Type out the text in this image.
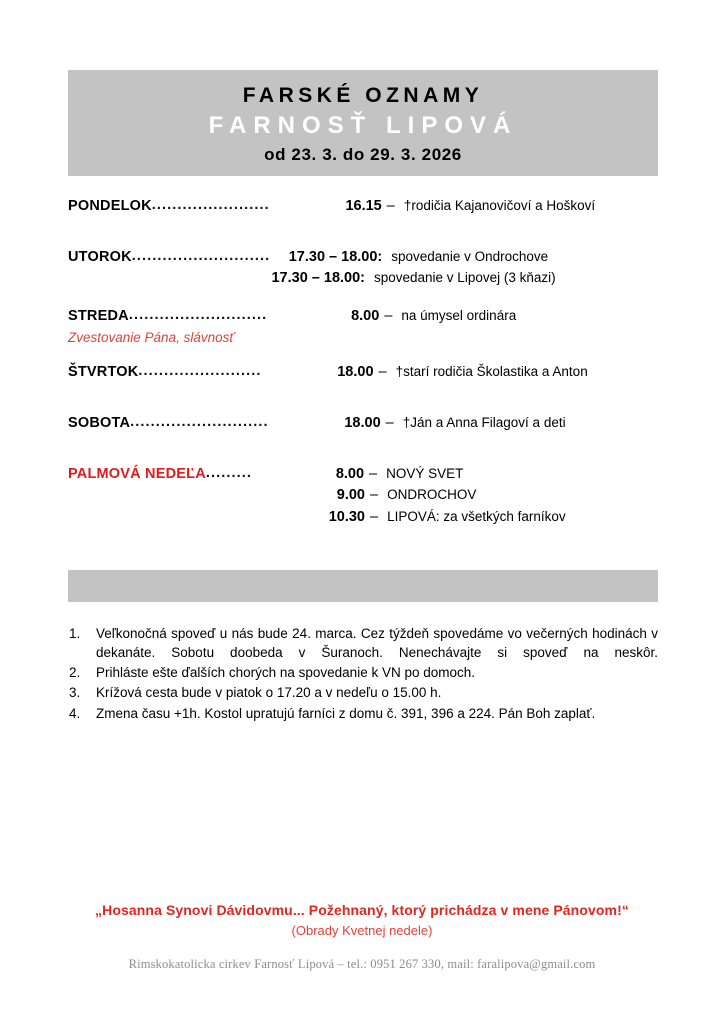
FARSKÉ OZNAMY
FARNOSŤ LIPOVÁ
od 23. 3. do 29. 3. 2026
PONDELOK .......................	16.15 – †rodičia Kajanovičoví a Hoškoví
UTOROK ...........................	17.30 – 18.00: spovedanie v Ondrochove
17.30 – 18.00: spovedanie v Lipovej (3 kňazi)
STREDA ...........................	8.00 – na úmysel ordinára
Zvestovanie Pána, slávnosť
ŠTVRTOK ........................	18.00 – †starí rodičia Školastika a Anton
SOBOTA ...........................	18.00 – †Ján a Anna Filagoví a deti
PALMOVÁ NEDEĽA .........	8.00 – NOVÝ SVET
9.00 – ONDROCHOV
10.30 – LIPOVÁ: za všetkých farníkov
1.	Veľkonočná spoveď u nás bude 24. marca. Cez týždeň spovedáme vo večerných hodinách v dekanáte. Sobotu doobeda v Šuranoch. Nenechávajte si spoveď na neskôr.
2.	Prihláste ešte ďalších chorých na spovedanie k VN po domoch.
3.	Krížová cesta bude v piatok o 17.20 a v nedeľu o 15.00 h.
4.	Zmena času +1h. Kostol upratujú farníci z domu č. 391, 396 a 224. Pán Boh zaplať.
„Hosanna Synovi Dávidovmu... Požehnaný, ktorý prichádza v mene Pánovom!“
(Obrady Kvetnej nedele)
Rimskokatolicka cirkev Farnosť Lipová – tel.: 0951 267 330, mail: faralipova@gmail.com
